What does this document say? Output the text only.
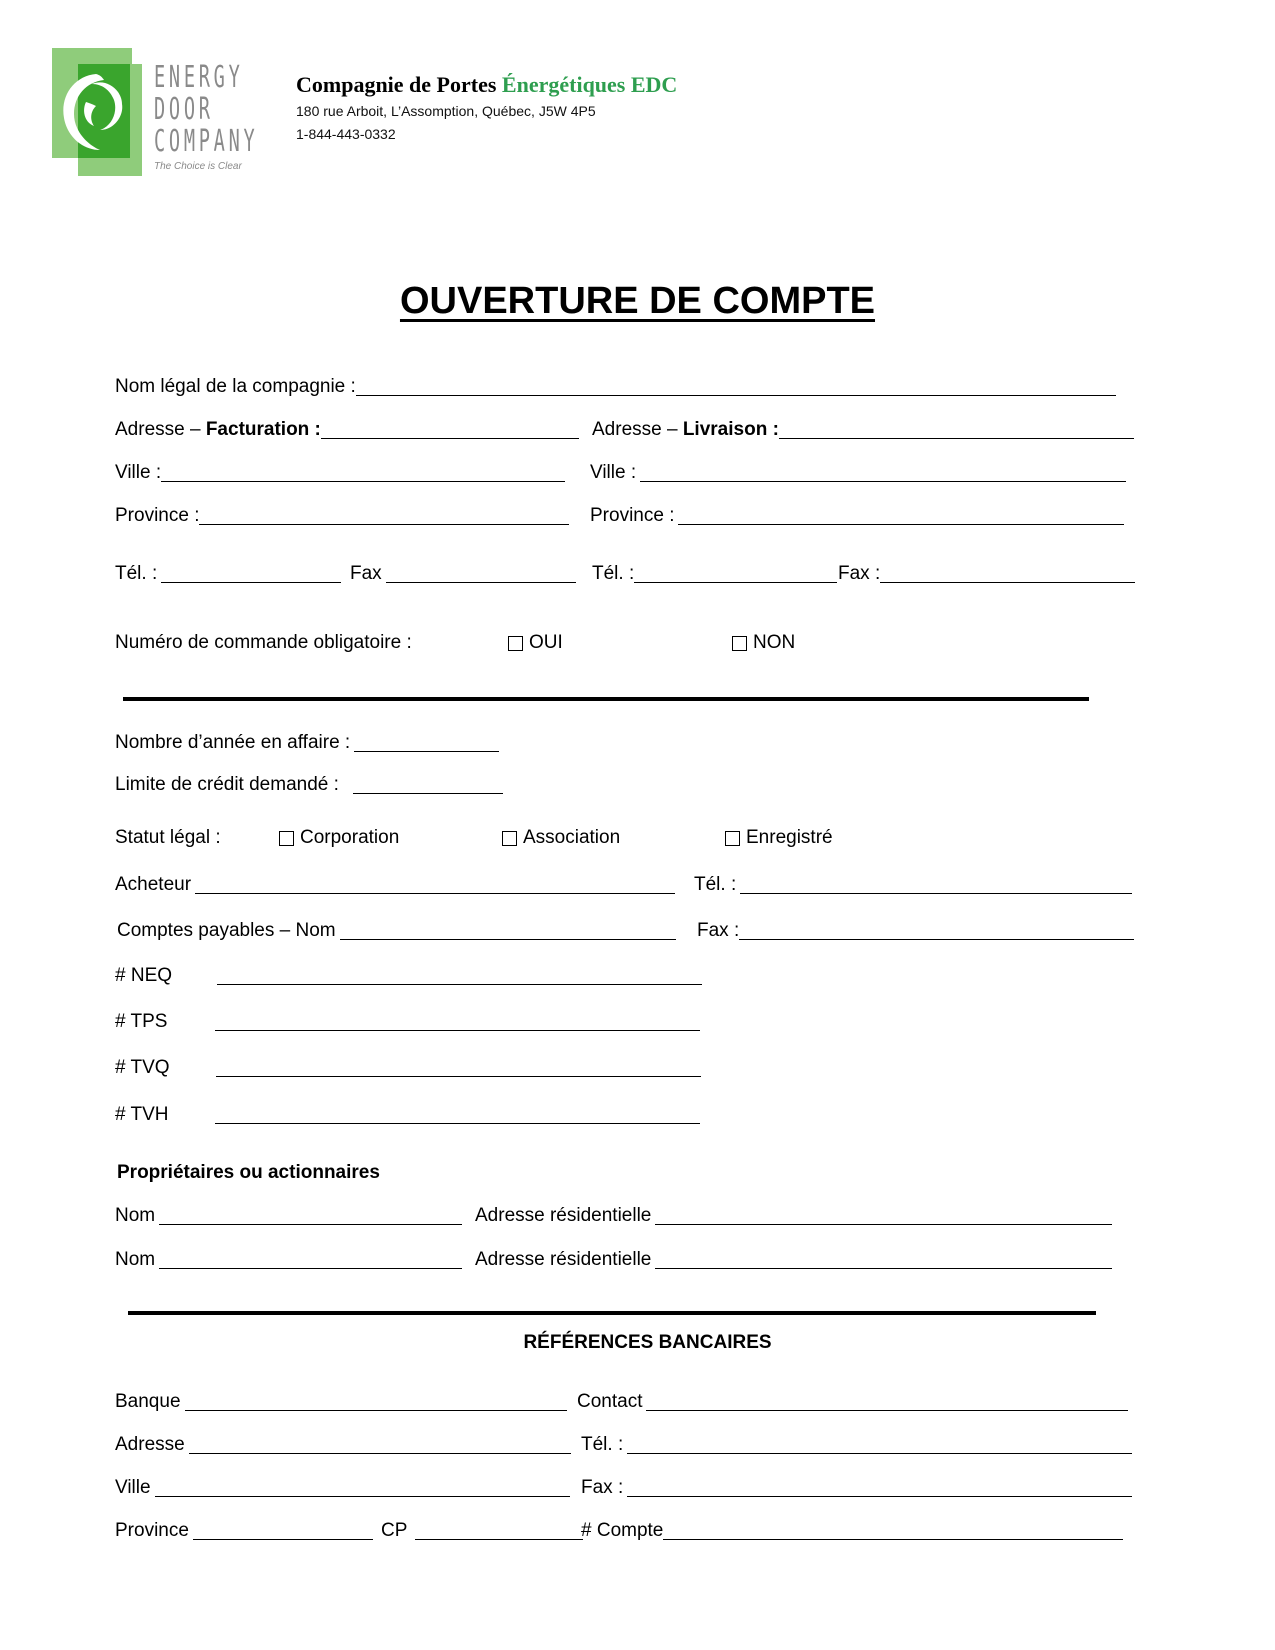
ENERGY
DOOR
COMPANY
The Choice is Clear
Compagnie de Portes Énergétiques EDC
180 rue Arboit, L’Assomption, Québec, J5W 4P5
1-844-443-0332
OUVERTURE DE COMPTE
Nom légal de la compagnie :
Adresse – Facturation :	Adresse – Livraison :
Ville :	Ville :
Province :	Province :
Tél. :	Fax	Tél. :	Fax :
Numéro de commande obligatoire :	OUI	NON
Nombre d’année en affaire :
Limite de crédit demandé :
Statut légal :	Corporation	Association	Enregistré
Acheteur	Tél. :
Comptes payables – Nom	Fax :
# NEQ
# TPS
# TVQ
# TVH
Propriétaires ou actionnaires
Nom	Adresse résidentielle
Nom	Adresse résidentielle
RÉFÉRENCES BANCAIRES
Banque	Contact
Adresse	Tél. :
Ville	Fax :
Province	CP	# Compte
